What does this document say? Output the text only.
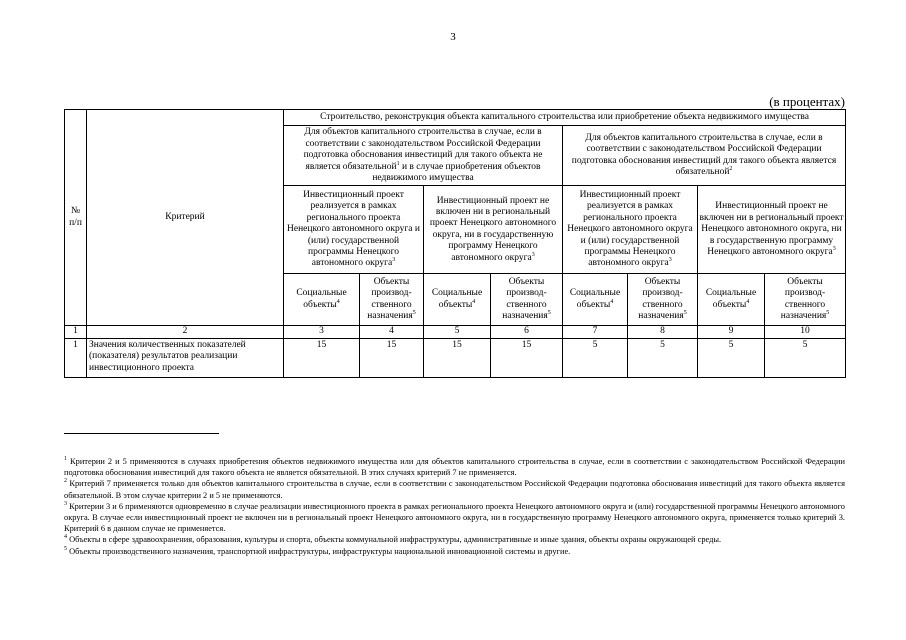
3
(в процентах)
№ п/п	Критерий	Строительство, реконструкция объекта капитального строительства или приобретение объекта недвижимого имущества							
		Для объектов капитального строительства в случае, если в соответствии с законодательством Российской Федерации подготовка обоснования инвестиций для такого объекта не является обязательной$^1$ и в случае приобретения объектов недвижимого имущества				Для объектов капитального строительства в случае, если в соответствии с законодательством Российской Федерации подготовка обоснования инвестиций для такого объекта является обязательной$^2$
		Инвестиционный проект реализуется в рамках регионального проекта Ненецкого автономного округа и (или) государственной программы Ненецкого автономного округа$^3$		Инвестиционный проект не включен ни в региональный проект Ненецкого автономного округа, ни в государственную программу Ненецкого автономного округа$^3$		Инвестиционный проект реализуется в рамках регионального проекта Ненецкого автономного округа и (или) государственной программы Ненецкого автономного округа$^3$		Инвестиционный проект не включен ни в региональный проект Ненецкого автономного округа, ни в государственную программу Ненецкого автономного округа$^3$
		Социальные объекты$^4$	Объекты производ-ственного назначения$^5$	Социальные объекты$^4$	Объекты производ-ственного назначения$^5$	Социальные объекты$^4$	Объекты производ-ственного назначения$^5$	Социальные объекты$^4$	Объекты производ-ственного назначения$^5$
1	2	3	4	5	6	7	8	9	10
1	Значения количественных показателей (показателя) результатов реализации инвестиционного проекта	15	15	15	15	5	5	5	5

$^1$ Критерии 2 и 5 применяются в случаях приобретения объектов недвижимого имущества или для объектов капитального строительства в случае, если в соответствии с законодательством Российской Федерации подготовка обоснования инвестиций для такого объекта не является обязательной. В этих случаях критерий 7 не применяется.

$^2$ Критерий 7 применяется только для объектов капитального строительства в случае, если в соответствии с законодательством Российской Федерации подготовка обоснования инвестиций для такого объекта является обязательной. В этом случае критерии 2 и 5 не применяются.

$^3$ Критерии 3 и 6 применяются одновременно в случае реализации инвестиционного проекта в рамках регионального проекта Ненецкого автономного округа и (или) государственной программы Ненецкого автономного округа. В случае если инвестиционный проект не включен ни в региональный проект Ненецкого автономного округа, ни в государственную программу Ненецкого автономного округа, применяется только критерий 3. Критерий 6 в данном случае не применяется.

$^4$ Объекты в сфере здравоохранения, образования, культуры и спорта, объекты коммунальной инфраструктуры, административные и иные здания, объекты охраны окружающей среды.

$^5$ Объекты производственного назначения, транспортной инфраструктуры, инфраструктуры национальной инновационной системы и другие.
